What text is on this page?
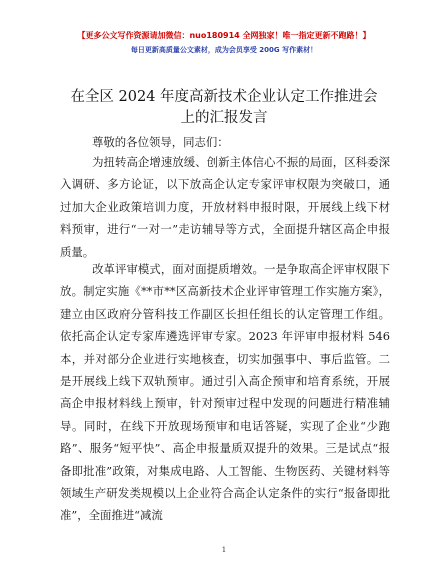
【更多公文写作资源请加微信：nuo180914 全网独家！唯一指定更新不跑路！】
每日更新高质量公文素材，成为会员享受 200G 写作素材！
在全区 2024 年度高新技术企业认定工作推进会
上的汇报发言
尊敬的各位领导，同志们：

为扭转高企增速放缓、创新主体信心不振的局面，区科委深入调研、多方论证，以下放高企认定专家评审权限为突破口，通过加大企业政策培训力度，开放材料申报时限，开展线上线下材料预审，进行“一对一”走访辅导等方式，全面提升辖区高企申报质量。

改革评审模式，面对面提质增效。一是争取高企评审权限下放。制定实施《**市**区高新技术企业评审管理工作实施方案》，建立由区政府分管科技工作副区长担任组长的认定管理工作组。依托高企认定专家库遴选评审专家。2023 年评审申报材料 546 本，并对部分企业进行实地核查，切实加强事中、事后监管。二是开展线上线下双轨预审。通过引入高企预审和培育系统，开展高企申报材料线上预审，针对预审过程中发现的问题进行精准辅导。同时，在线下开放现场预审和电话答疑，实现了企业“少跑路”、服务“短平快”、高企申报量质双提升的效果。三是试点“报备即批准”政策，对集成电路、人工智能、生物医药、关键材料等领域生产研发类规模以上企业符合高企认定条件的实行“报备即批准”，全面推进“减流

1
